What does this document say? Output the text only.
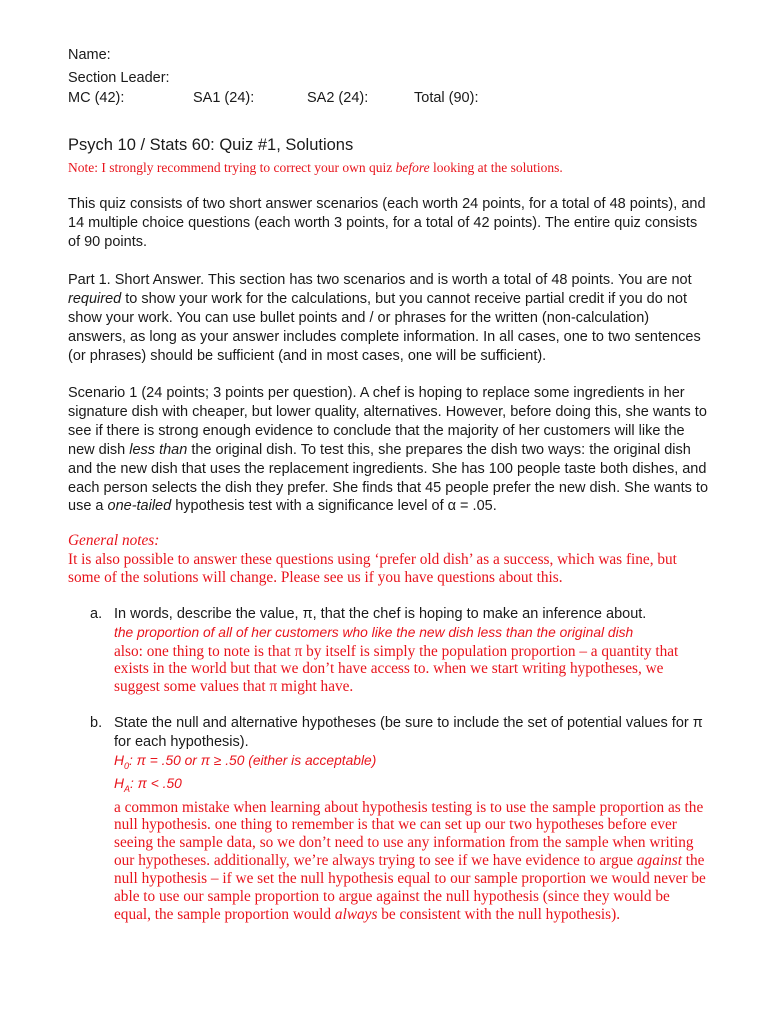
Name:
Section Leader:
MC (42):	SA1 (24):	SA2 (24):	Total (90):
Psych 10 / Stats 60: Quiz #1, Solutions
Note: I strongly recommend trying to correct your own quiz before looking at the solutions.
This quiz consists of two short answer scenarios (each worth 24 points, for a total of 48 points), and 14 multiple choice questions (each worth 3 points, for a total of 42 points). The entire quiz consists of 90 points.
Part 1. Short Answer. This section has two scenarios and is worth a total of 48 points. You are not required to show your work for the calculations, but you cannot receive partial credit if you do not show your work. You can use bullet points and / or phrases for the written (non-calculation) answers, as long as your answer includes complete information. In all cases, one to two sentences (or phrases) should be sufficient (and in most cases, one will be sufficient).
Scenario 1 (24 points; 3 points per question). A chef is hoping to replace some ingredients in her signature dish with cheaper, but lower quality, alternatives. However, before doing this, she wants to see if there is strong enough evidence to conclude that the majority of her customers will like the new dish less than the original dish. To test this, she prepares the dish two ways: the original dish and the new dish that uses the replacement ingredients. She has 100 people taste both dishes, and each person selects the dish they prefer. She finds that 45 people prefer the new dish. She wants to use a one-tailed hypothesis test with a significance level of α = .05.
General notes:
It is also possible to answer these questions using ‘prefer old dish’ as a success, which was fine, but some of the solutions will change. Please see us if you have questions about this.
a. In words, describe the value, π, that the chef is hoping to make an inference about.
the proportion of all of her customers who like the new dish less than the original dish
also: one thing to note is that π by itself is simply the population proportion – a quantity that exists in the world but that we don’t have access to. when we start writing hypotheses, we suggest some values that π might have.
b. State the null and alternative hypotheses (be sure to include the set of potential values for π for each hypothesis).
$H_0$: π = .50 or π ≥ .50 (either is acceptable)
$H_A$: π < .50
a common mistake when learning about hypothesis testing is to use the sample proportion as the null hypothesis. one thing to remember is that we can set up our two hypotheses before ever seeing the sample data, so we don’t need to use any information from the sample when writing our hypotheses. additionally, we’re always trying to see if we have evidence to argue against the null hypothesis – if we set the null hypothesis equal to our sample proportion we would never be able to use our sample proportion to argue against the null hypothesis (since they would be equal, the sample proportion would always be consistent with the null hypothesis).
